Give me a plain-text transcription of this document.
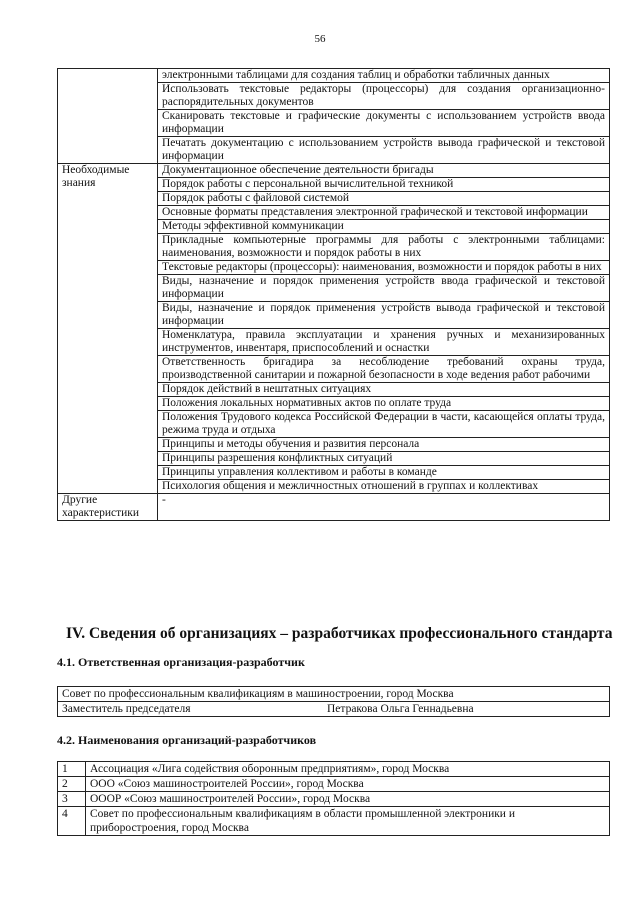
56
	электронными таблицами для создания таблиц и обработки табличных данных
	Использовать текстовые редакторы (процессоры) для создания организационно-распорядительных документов
	Сканировать текстовые и графические документы с использованием устройств ввода информации
	Печатать документацию с использованием устройств вывода графической и текстовой информации
Необходимые знания	Документационное обеспечение деятельности бригады
	Порядок работы с персональной вычислительной техникой
	Порядок работы с файловой системой
	Основные форматы представления электронной графической и текстовой информации
	Методы эффективной коммуникации
	Прикладные компьютерные программы для работы с электронными таблицами: наименования, возможности и порядок работы в них
	Текстовые редакторы (процессоры): наименования, возможности и порядок работы в них
	Виды, назначение и порядок применения устройств ввода графической и текстовой информации
	Виды, назначение и порядок применения устройств вывода графической и текстовой информации
	Номенклатура, правила эксплуатации и хранения ручных и механизированных инструментов, инвентаря, приспособлений и оснастки
	Ответственность бригадира за несоблюдение требований охраны труда, производственной санитарии и пожарной безопасности в ходе ведения работ рабочими
	Порядок действий в нештатных ситуациях
	Положения локальных нормативных актов по оплате труда
	Положения Трудового кодекса Российской Федерации в части, касающейся оплаты труда, режима труда и отдыха
	Принципы и методы обучения и развития персонала
	Принципы разрешения конфликтных ситуаций
	Принципы управления коллективом и работы в команде
	Психология общения и межличностных отношений в группах и коллективах
Другие характеристики	-
IV. Сведения об организациях – разработчиках профессионального стандарта
4.1. Ответственная организация-разработчик
Совет по профессиональным квалификациям в машиностроении, город Москва
Заместитель председателя	Петракова Ольга Геннадьевна
4.2. Наименования организаций-разработчиков
1	Ассоциация «Лига содействия оборонным предприятиям», город Москва
2	ООО «Союз машиностроителей России», город Москва
3	ОООР «Союз машиностроителей России», город Москва
4	Совет по профессиональным квалификациям в области промышленной электроники и приборостроения, город Москва
